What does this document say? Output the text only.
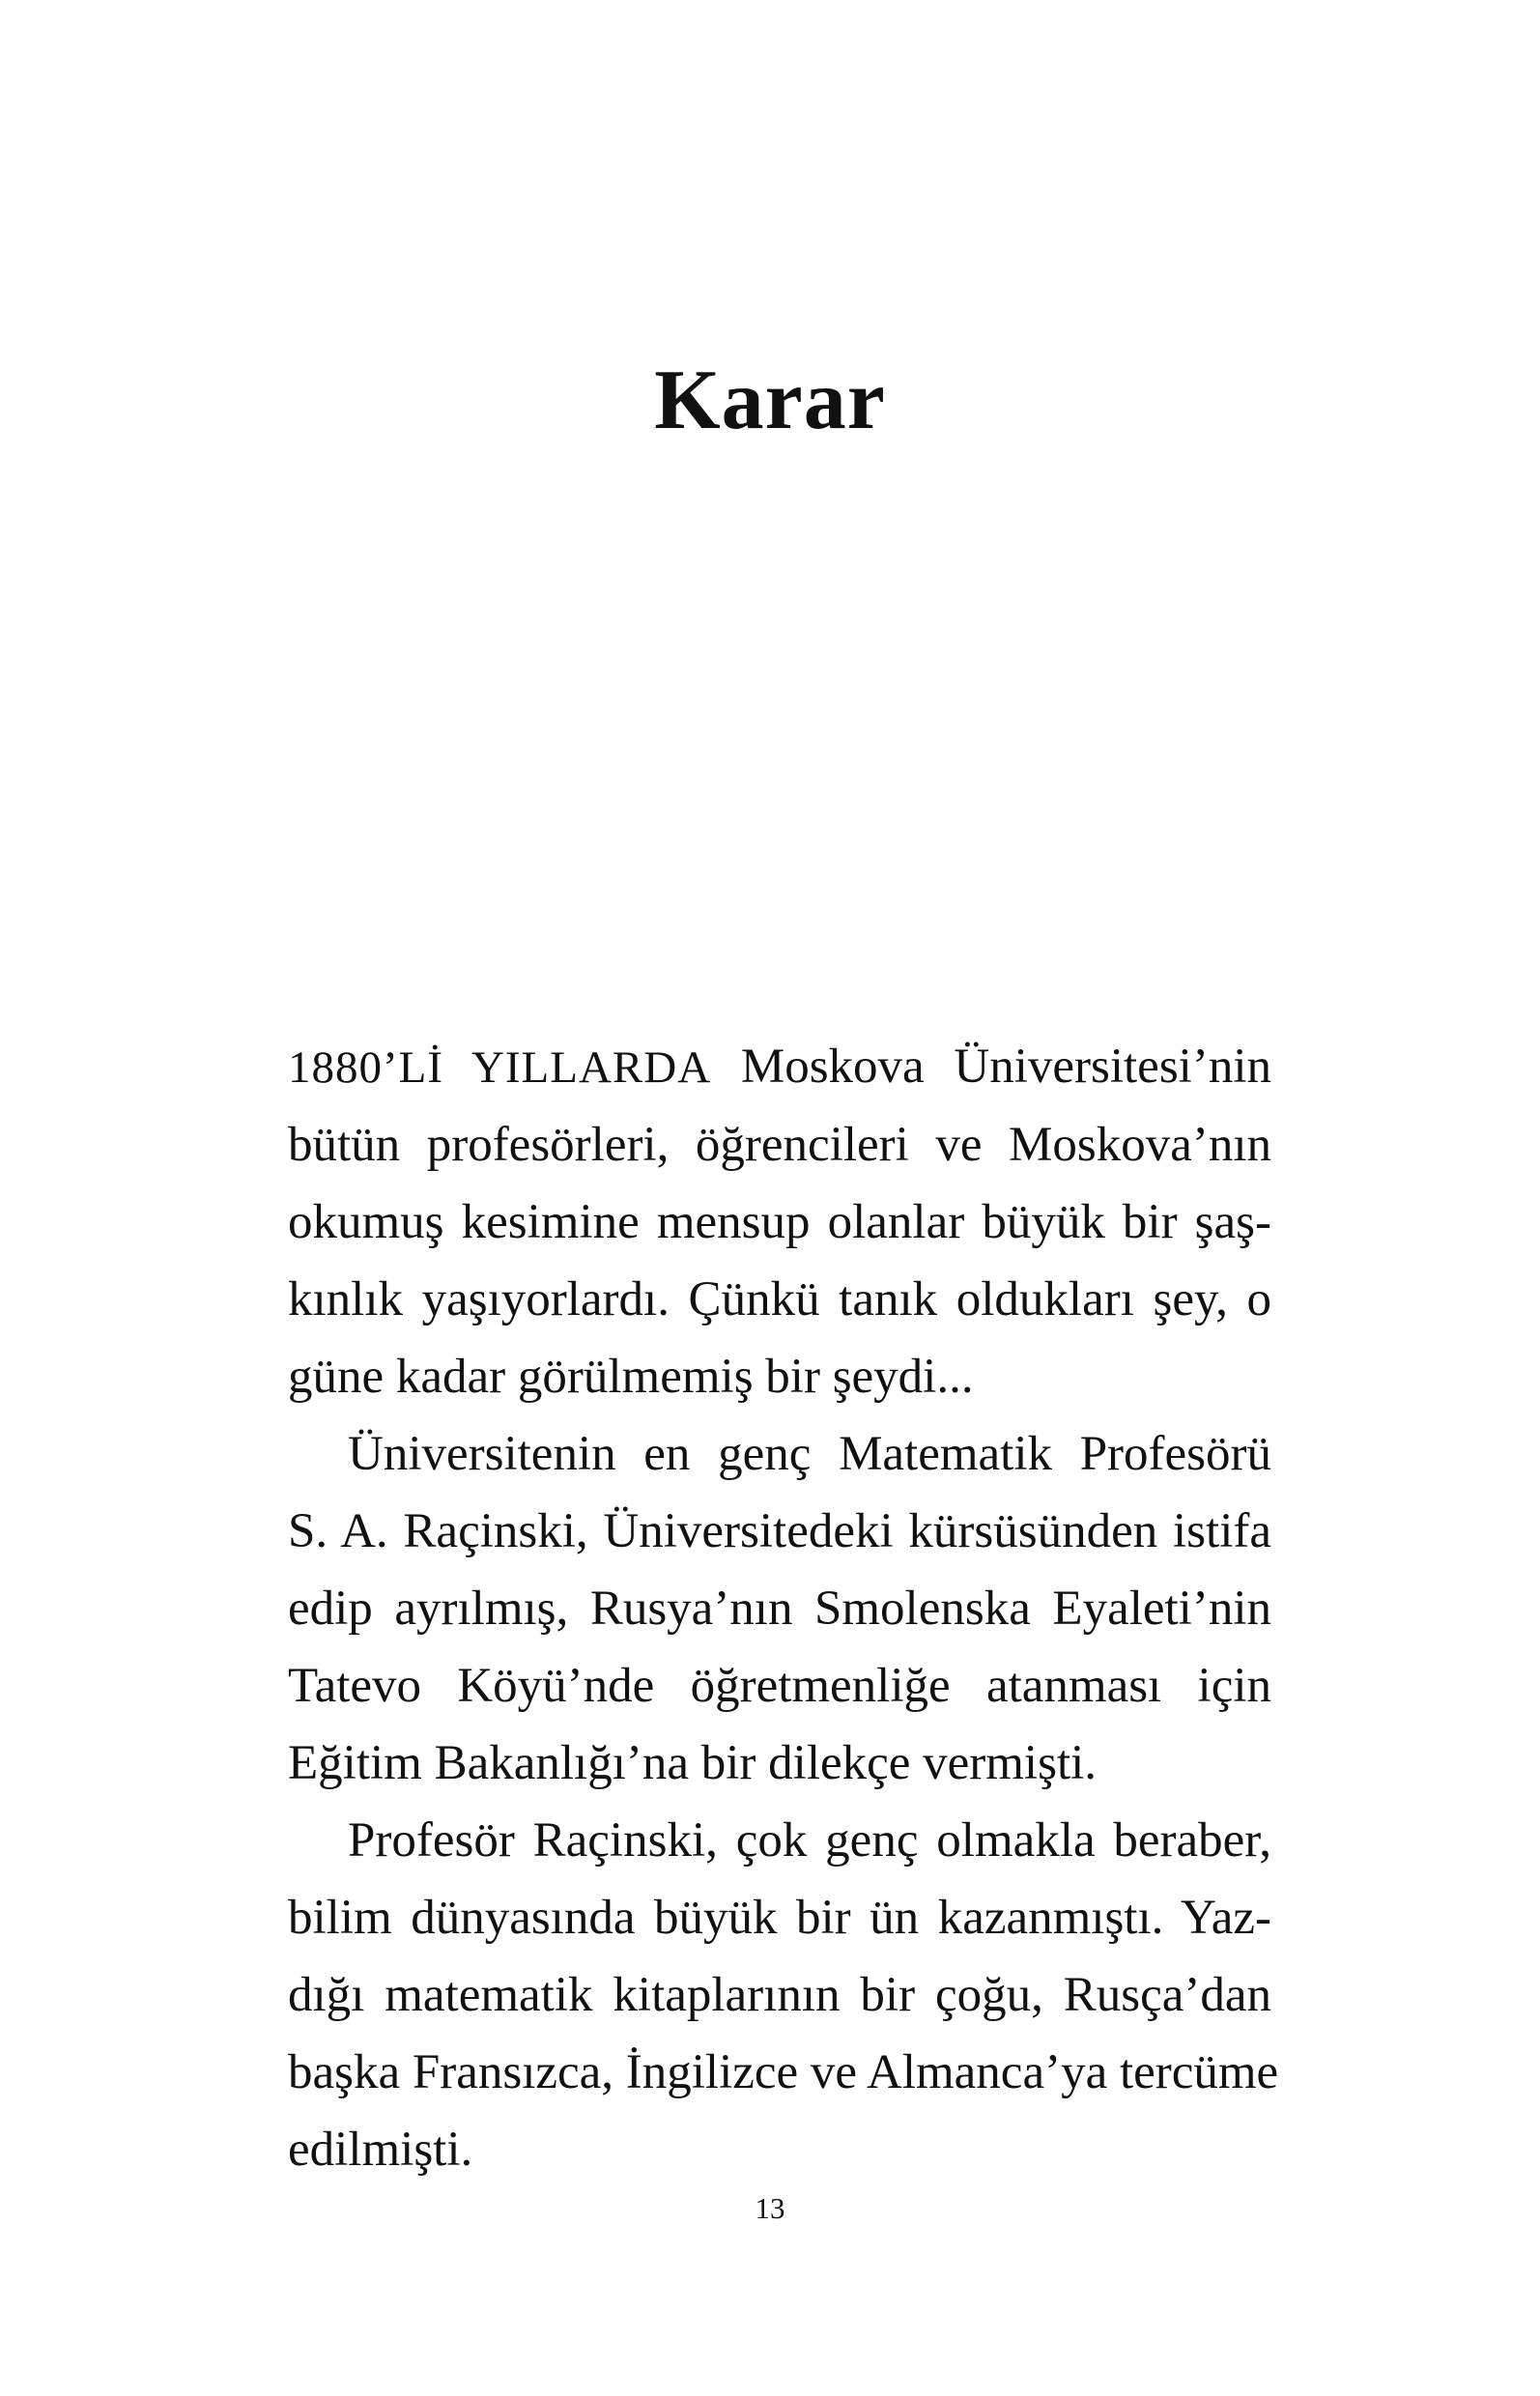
Karar
1880’Lİ YILLARDA Moskova Üniversitesi’nin
bütün profesörleri, öğrencileri ve Moskova’nın
okumuş kesimine mensup olanlar büyük bir şaş-
kınlık yaşıyorlardı. Çünkü tanık oldukları şey, o
güne kadar görülmemiş bir şeydi...
Üniversitenin en genç Matematik Profesörü
S. A. Raçinski, Üniversitedeki kürsüsünden istifa
edip ayrılmış, Rusya’nın Smolenska Eyaleti’nin
Tatevo Köyü’nde öğretmenliğe atanması için
Eğitim Bakanlığı’na bir dilekçe vermişti.
Profesör Raçinski, çok genç olmakla beraber,
bilim dünyasında büyük bir ün kazanmıştı. Yaz-
dığı matematik kitaplarının bir çoğu, Rusça’dan
başka Fransızca, İngilizce ve Almanca’ya tercüme
edilmişti.
13
